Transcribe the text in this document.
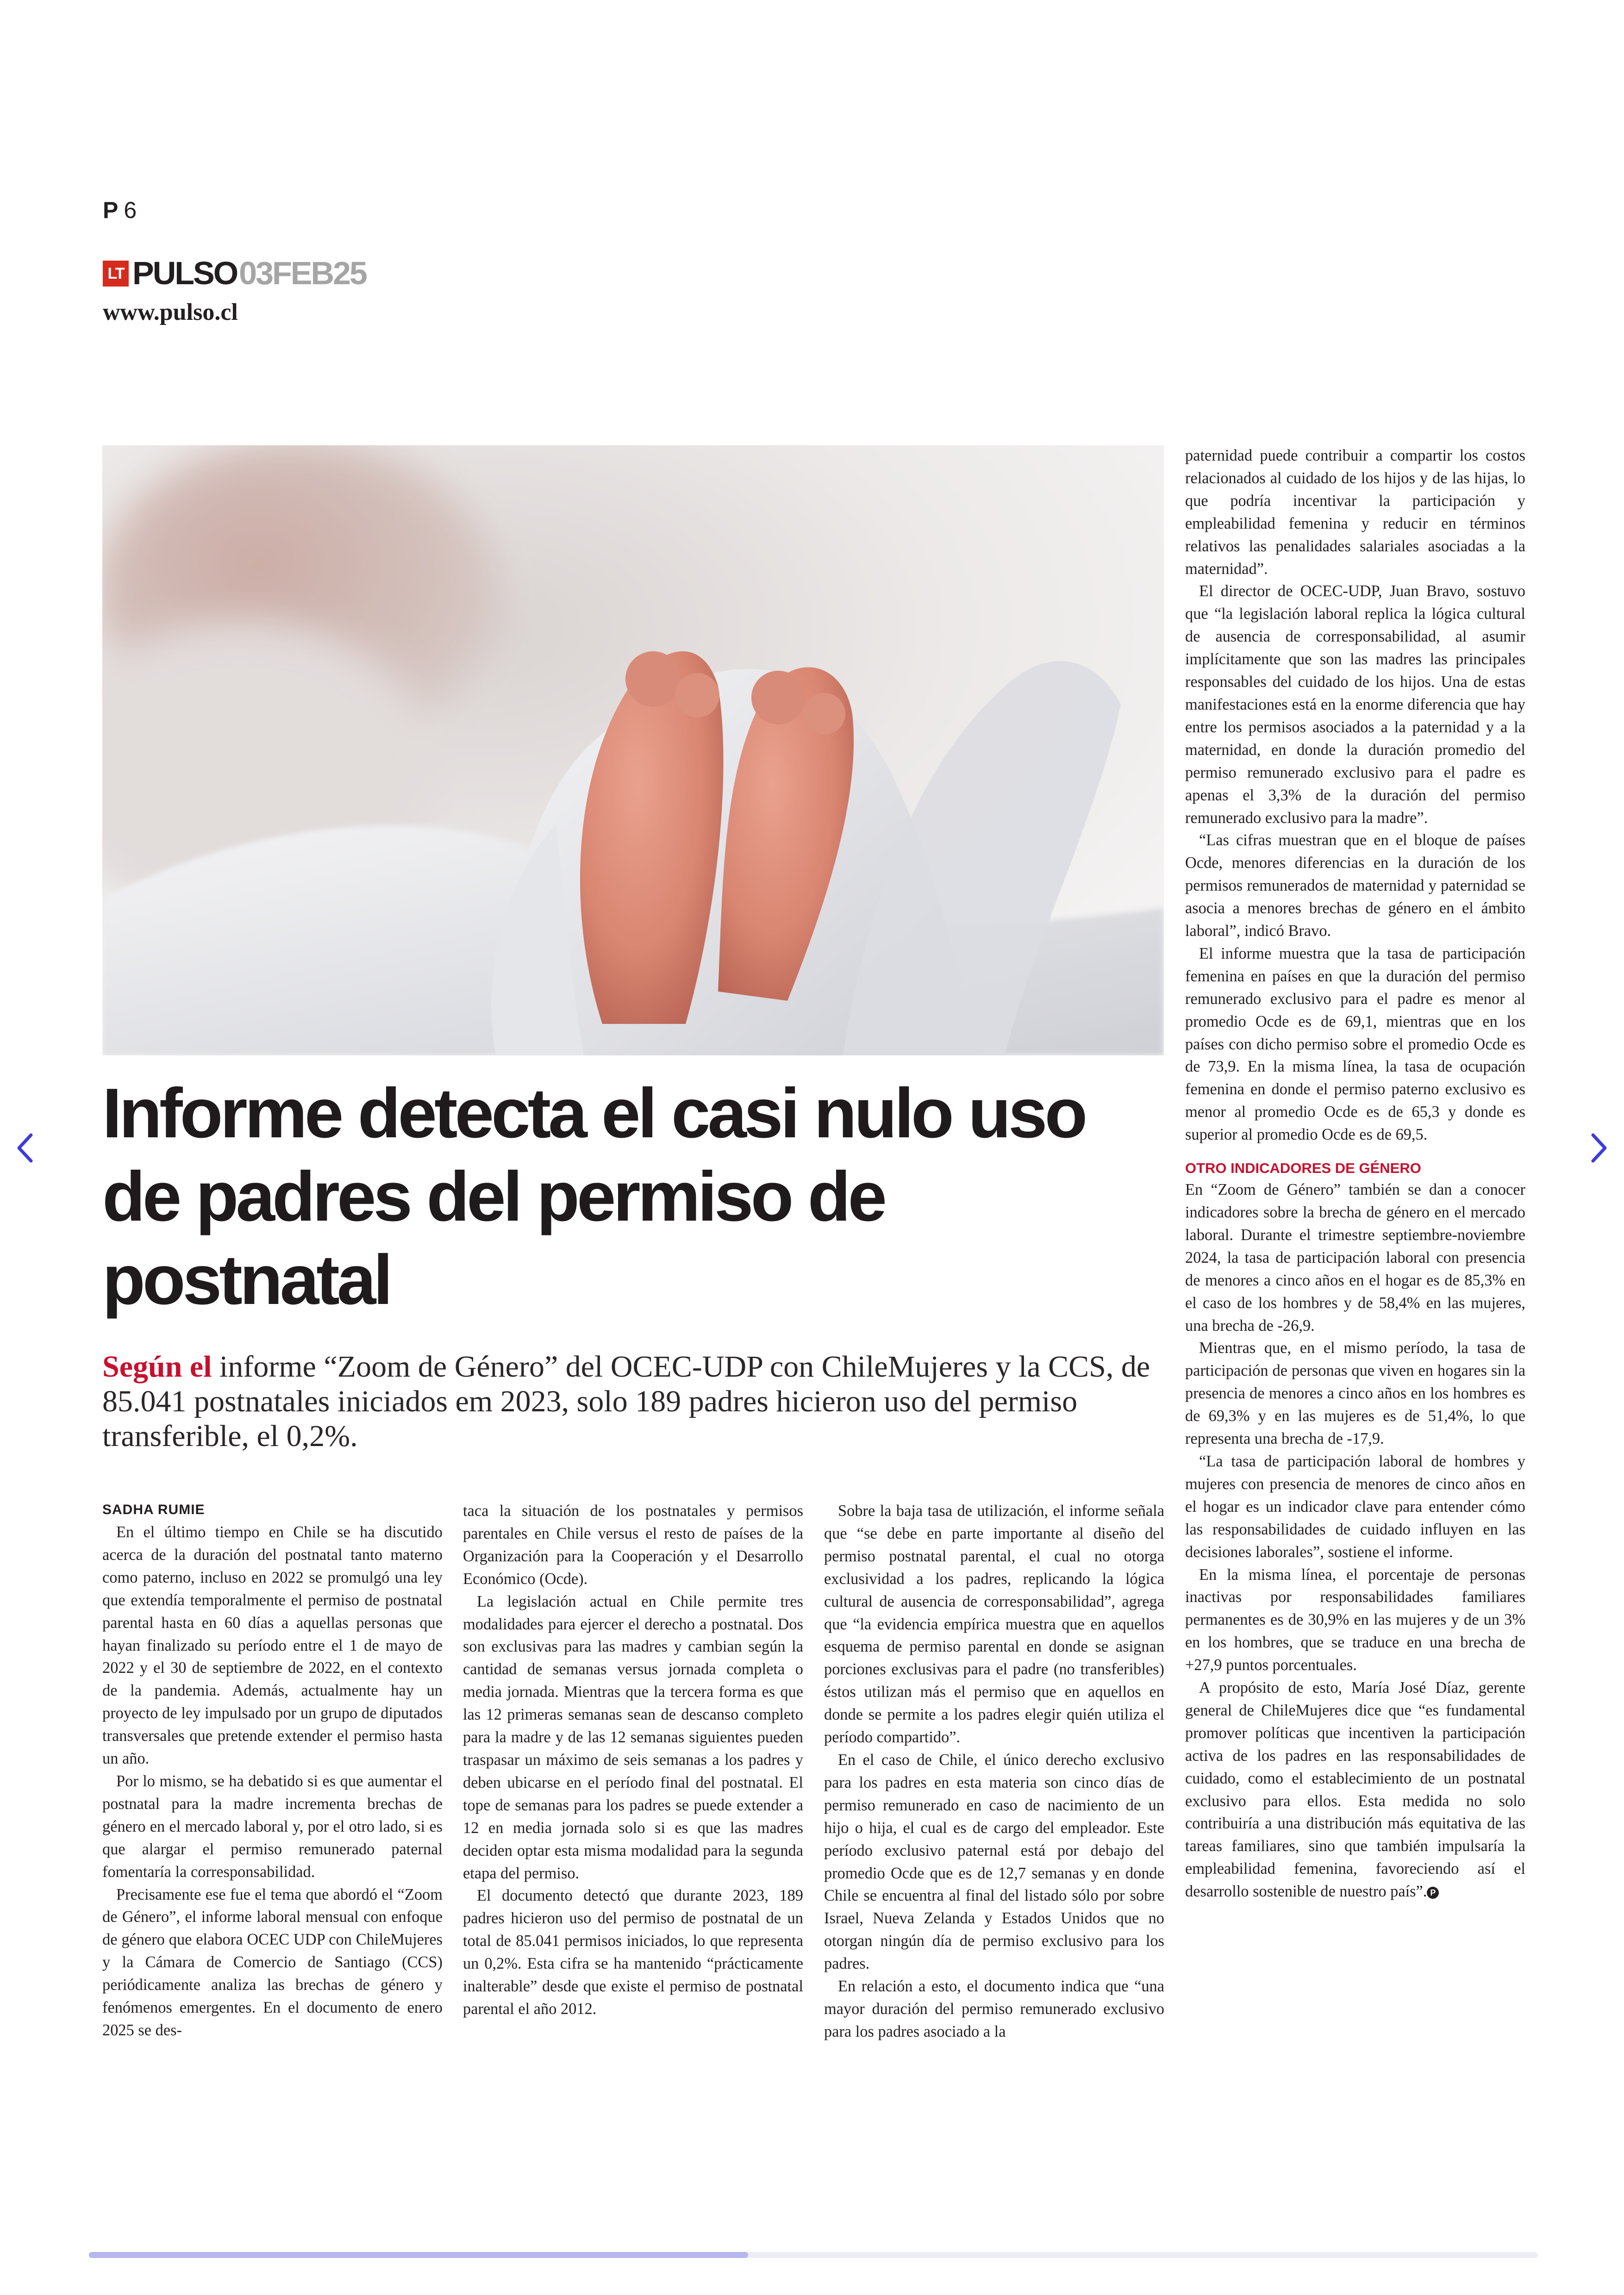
P 6
LT PULSO 03FEB25
www.pulso.cl
Informe detecta el casi nulo uso de padres del permiso de postnatal

Según el informe “Zoom de Género” del OCEC-UDP con ChileMujeres y la CCS, de 85.041 postnatales iniciados em 2023, solo 189 padres hicieron uso del permiso transferible, el 0,2%.

SADHA RUMIE

En el último tiempo en Chile se ha discutido acerca de la duración del postnatal tanto materno como paterno, incluso en 2022 se promulgó una ley que extendía temporalmente el permiso de postnatal parental hasta en 60 días a aquellas personas que hayan finalizado su período entre el 1 de mayo de 2022 y el 30 de septiembre de 2022, en el contexto de la pandemia. Además, actualmente hay un proyecto de ley impulsado por un grupo de diputados transversales que pretende extender el permiso hasta un año.

Por lo mismo, se ha debatido si es que aumentar el postnatal para la madre incrementa brechas de género en el mercado laboral y, por el otro lado, si es que alargar el permiso remunerado paternal fomentaría la corresponsabilidad.

Precisamente ese fue el tema que abordó el “Zoom de Género”, el informe laboral mensual con enfoque de género que elabora OCEC UDP con ChileMujeres y la Cámara de Comercio de Santiago (CCS) periódicamente analiza las brechas de género y fenómenos emergentes. En el documento de enero 2025 se des-

taca la situación de los postnatales y permisos parentales en Chile versus el resto de países de la Organización para la Cooperación y el Desarrollo Económico (Ocde).

La legislación actual en Chile permite tres modalidades para ejercer el derecho a postnatal. Dos son exclusivas para las madres y cambian según la cantidad de semanas versus jornada completa o media jornada. Mientras que la tercera forma es que las 12 primeras semanas sean de descanso completo para la madre y de las 12 semanas siguientes pueden traspasar un máximo de seis semanas a los padres y deben ubicarse en el período final del postnatal. El tope de semanas para los padres se puede extender a 12 en media jornada solo si es que las madres deciden optar esta misma modalidad para la segunda etapa del permiso.

El documento detectó que durante 2023, 189 padres hicieron uso del permiso de postnatal de un total de 85.041 permisos iniciados, lo que representa un 0,2%. Esta cifra se ha mantenido “prácticamente inalterable” desde que existe el permiso de postnatal parental el año 2012.

Sobre la baja tasa de utilización, el informe señala que “se debe en parte importante al diseño del permiso postnatal parental, el cual no otorga exclusividad a los padres, replicando la lógica cultural de ausencia de corresponsabilidad”, agrega que “la evidencia empírica muestra que en aquellos esquema de permiso parental en donde se asignan porciones exclusivas para el padre (no transferibles) éstos utilizan más el permiso que en aquellos en donde se permite a los padres elegir quién utiliza el período compartido”.

En el caso de Chile, el único derecho exclusivo para los padres en esta materia son cinco días de permiso remunerado en caso de nacimiento de un hijo o hija, el cual es de cargo del empleador. Este período exclusivo paternal está por debajo del promedio Ocde que es de 12,7 semanas y en donde Chile se encuentra al final del listado sólo por sobre Israel, Nueva Zelanda y Estados Unidos que no otorgan ningún día de permiso exclusivo para los padres.

En relación a esto, el documento indica que “una mayor duración del permiso remunerado exclusivo para los padres asociado a la

paternidad puede contribuir a compartir los costos relacionados al cuidado de los hijos y de las hijas, lo que podría incentivar la participación y empleabilidad femenina y reducir en términos relativos las penalidades salariales asociadas a la maternidad”.

El director de OCEC-UDP, Juan Bravo, sostuvo que “la legislación laboral replica la lógica cultural de ausencia de corresponsabilidad, al asumir implícitamente que son las madres las principales responsables del cuidado de los hijos. Una de estas manifestaciones está en la enorme diferencia que hay entre los permisos asociados a la paternidad y a la maternidad, en donde la duración promedio del permiso remunerado exclusivo para el padre es apenas el 3,3% de la duración del permiso remunerado exclusivo para la madre”.

“Las cifras muestran que en el bloque de países Ocde, menores diferencias en la duración de los permisos remunerados de maternidad y paternidad se asocia a menores brechas de género en el ámbito laboral”, indicó Bravo.

El informe muestra que la tasa de participación femenina en países en que la duración del permiso remunerado exclusivo para el padre es menor al promedio Ocde es de 69,1, mientras que en los países con dicho permiso sobre el promedio Ocde es de 73,9. En la misma línea, la tasa de ocupación femenina en donde el permiso paterno exclusivo es menor al promedio Ocde es de 65,3 y donde es superior al promedio Ocde es de 69,5.

OTRO INDICADORES DE GÉNERO

En “Zoom de Género” también se dan a conocer indicadores sobre la brecha de género en el mercado laboral. Durante el trimestre septiembre-noviembre 2024, la tasa de participación laboral con presencia de menores a cinco años en el hogar es de 85,3% en el caso de los hombres y de 58,4% en las mujeres, una brecha de -26,9.

Mientras que, en el mismo período, la tasa de participación de personas que viven en hogares sin la presencia de menores a cinco años en los hombres es de 69,3% y en las mujeres es de 51,4%, lo que representa una brecha de -17,9.

“La tasa de participación laboral de hombres y mujeres con presencia de menores de cinco años en el hogar es un indicador clave para entender cómo las responsabilidades de cuidado influyen en las decisiones laborales”, sostiene el informe.

En la misma línea, el porcentaje de personas inactivas por responsabilidades familiares permanentes es de 30,9% en las mujeres y de un 3% en los hombres, que se traduce en una brecha de +27,9 puntos porcentuales.

A propósito de esto, María José Díaz, gerente general de ChileMujeres dice que “es fundamental promover políticas que incentiven la participación activa de los padres en las responsabilidades de cuidado, como el establecimiento de un postnatal exclusivo para ellos. Esta medida no solo contribuiría a una distribución más equitativa de las tareas familiares, sino que también impulsaría la empleabilidad femenina, favoreciendo así el desarrollo sostenible de nuestro país”. P
